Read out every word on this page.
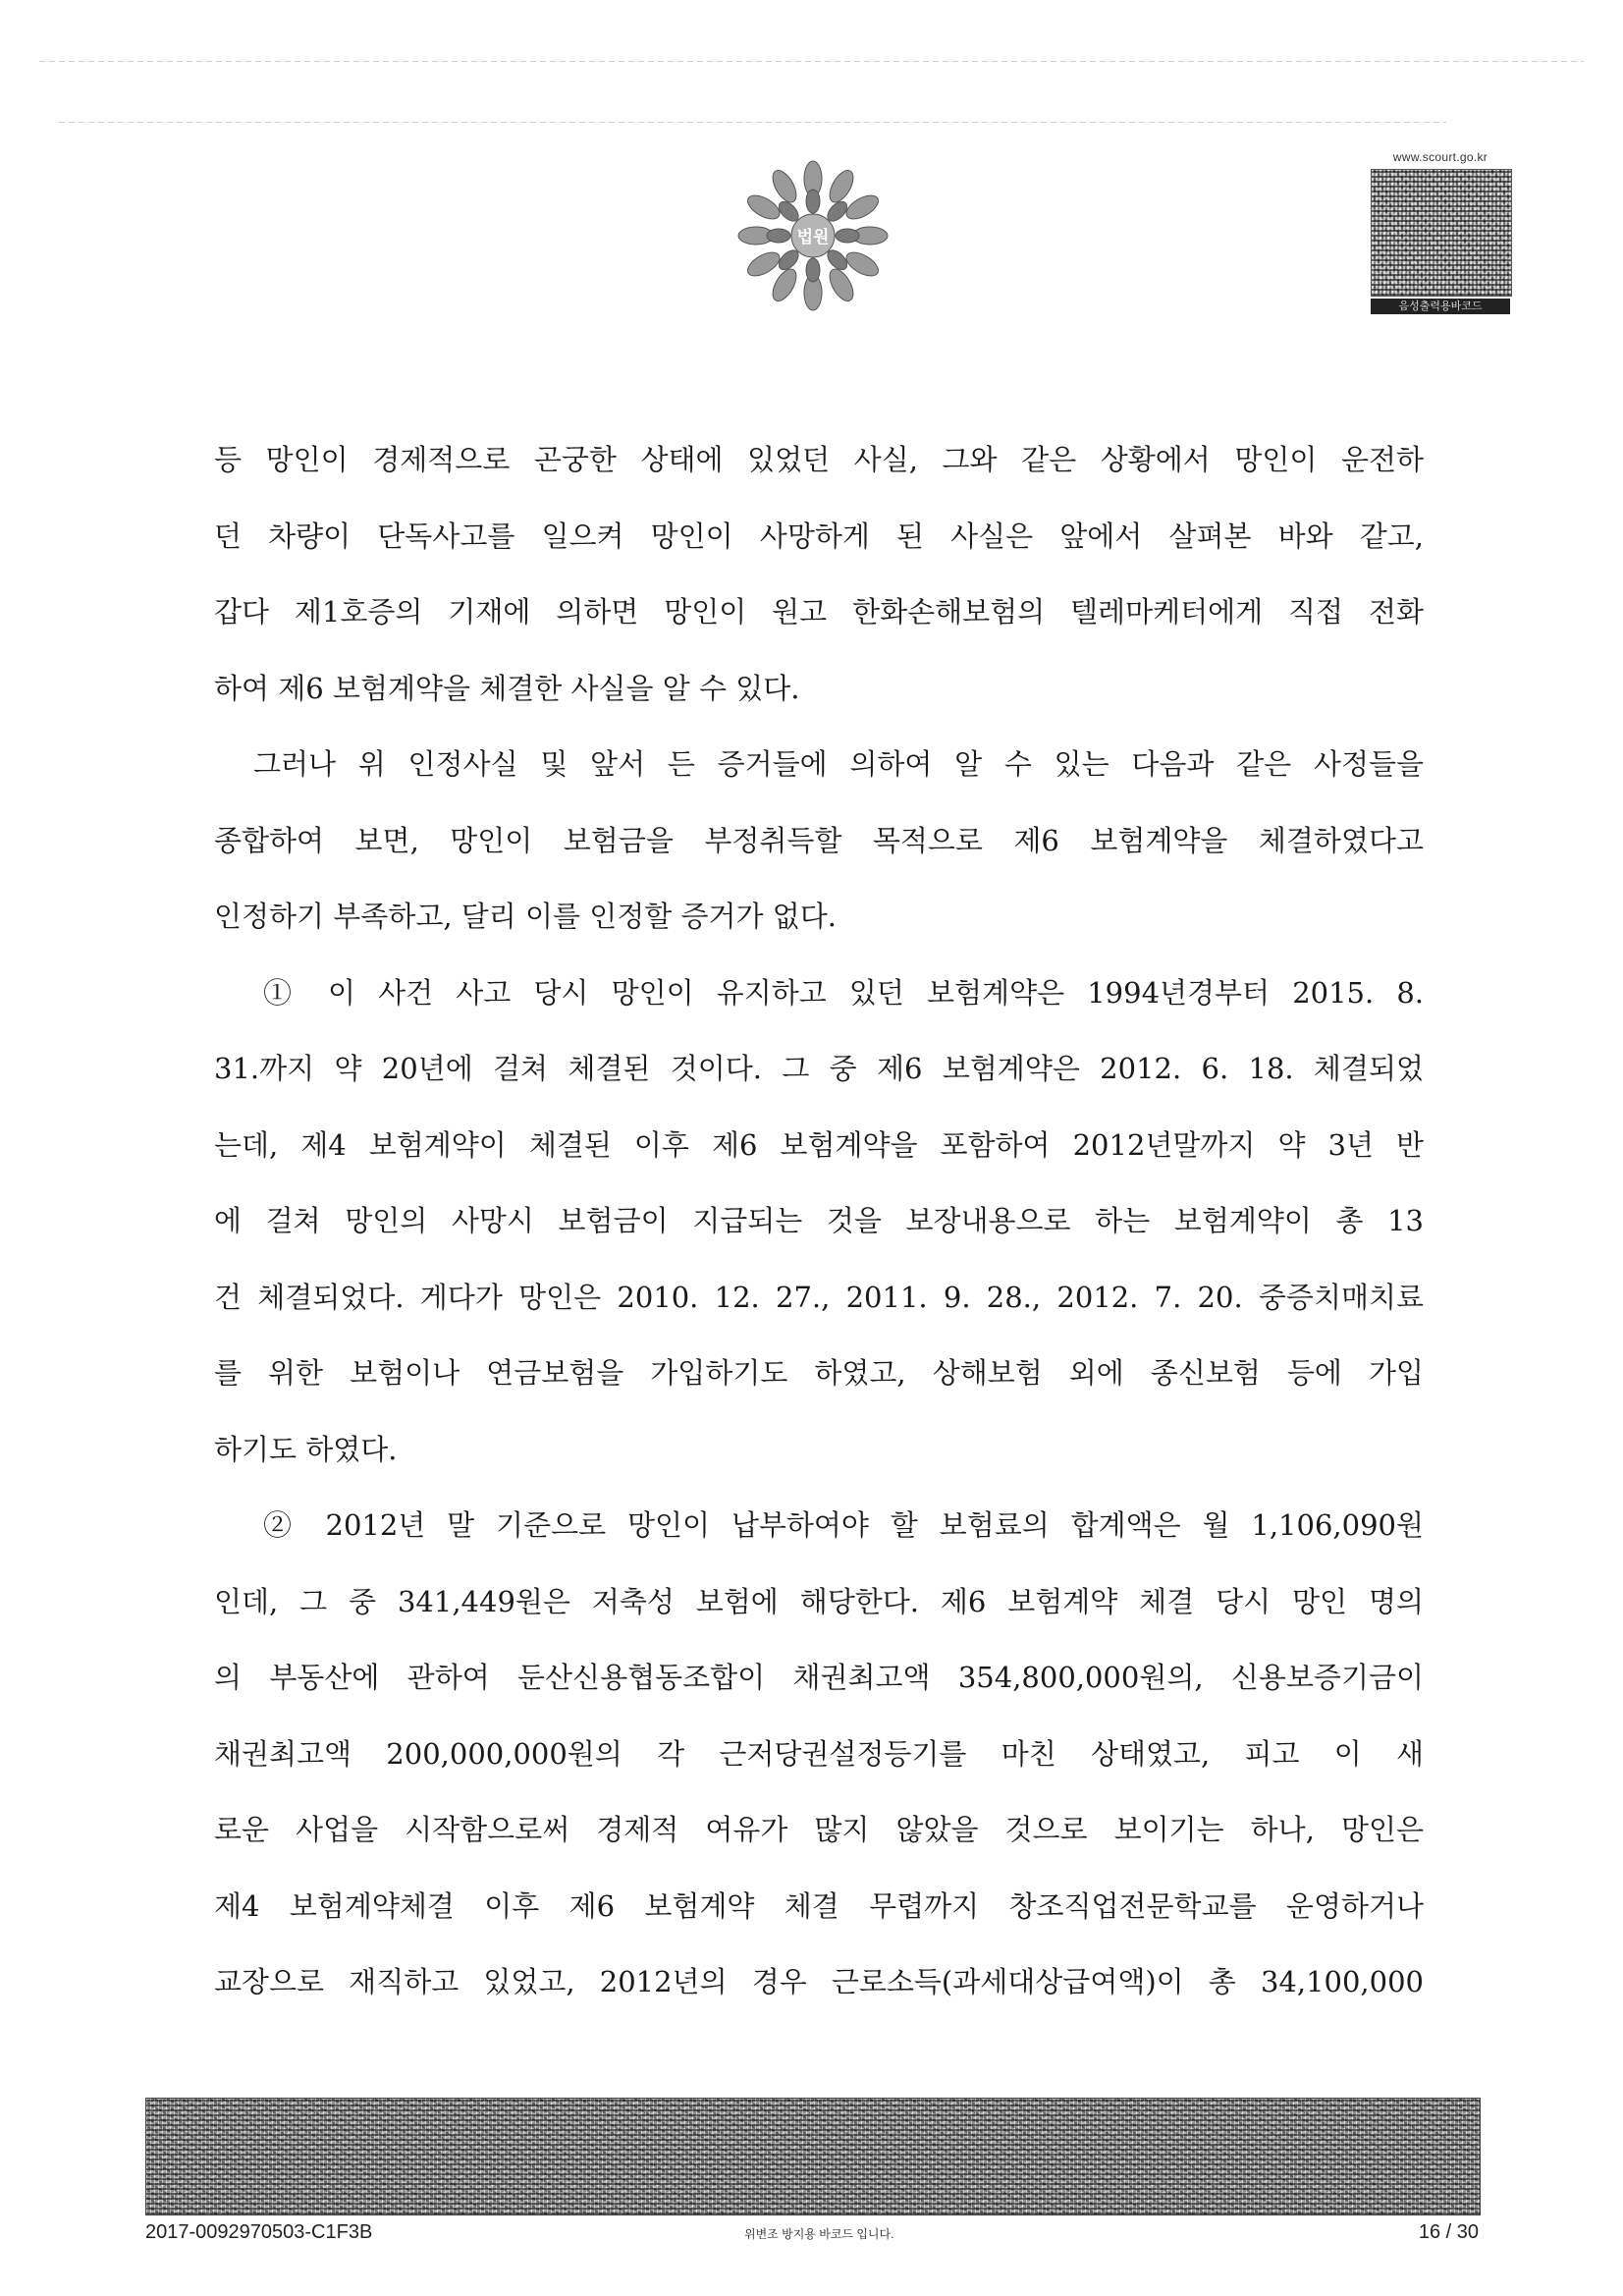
법원
www.scourt.go.kr
음성출력용바코드
등 망인이 경제적으로 곤궁한 상태에 있었던 사실, 그와 같은 상황에서 망인이 운전하
던 차량이 단독사고를 일으켜 망인이 사망하게 된 사실은 앞에서 살펴본 바와 같고,
갑다 제1호증의 기재에 의하면 망인이 원고 한화손해보험의 텔레마케터에게 직접 전화
하여 제6 보험계약을 체결한 사실을 알 수 있다.
그러나 위 인정사실 및 앞서 든 증거들에 의하여 알 수 있는 다음과 같은 사정들을
종합하여 보면, 망인이 보험금을 부정취득할 목적으로 제6 보험계약을 체결하였다고
인정하기 부족하고, 달리 이를 인정할 증거가 없다.
① 이 사건 사고 당시 망인이 유지하고 있던 보험계약은 1994년경부터 2015. 8.
31.까지 약 20년에 걸쳐 체결된 것이다. 그 중 제6 보험계약은 2012. 6. 18. 체결되었
는데, 제4 보험계약이 체결된 이후 제6 보험계약을 포함하여 2012년말까지 약 3년 반
에 걸쳐 망인의 사망시 보험금이 지급되는 것을 보장내용으로 하는 보험계약이 총 13
건 체결되었다. 게다가 망인은 2010. 12. 27., 2011. 9. 28., 2012. 7. 20. 중증치매치료
를 위한 보험이나 연금보험을 가입하기도 하였고, 상해보험 외에 종신보험 등에 가입
하기도 하였다.
② 2012년 말 기준으로 망인이 납부하여야 할 보험료의 합계액은 월 1,106,090원
인데, 그 중 341,449원은 저축성 보험에 해당한다. 제6 보험계약 체결 당시 망인 명의
의 부동산에 관하여 둔산신용협동조합이 채권최고액 354,800,000원의, 신용보증기금이
채권최고액 200,000,000원의 각 근저당권설정등기를 마친 상태였고, 피고 이 새
로운 사업을 시작함으로써 경제적 여유가 많지 않았을 것으로 보이기는 하나, 망인은
제4 보험계약체결 이후 제6 보험계약 체결 무렵까지 창조직업전문학교를 운영하거나
교장으로 재직하고 있었고, 2012년의 경우 근로소득(과세대상급여액)이 총 34,100,000
2017-0092970503-C1F3B	위변조 방지용 바코드 입니다.	16 / 30
